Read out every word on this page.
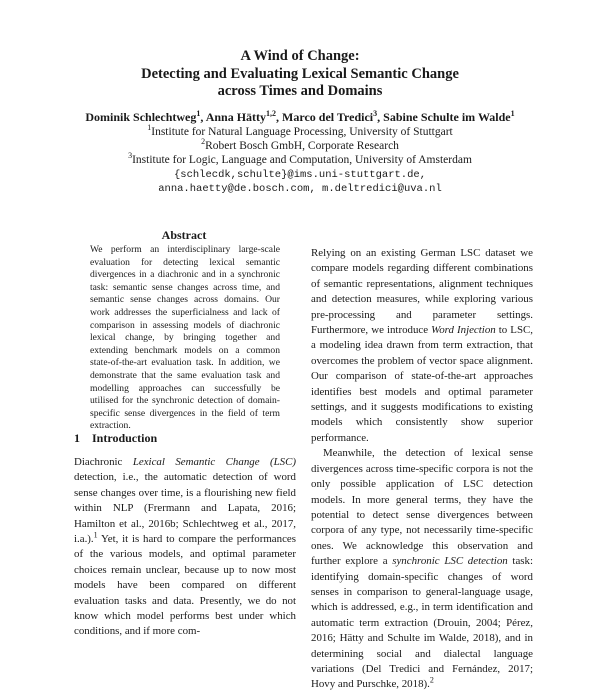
A Wind of Change:
Detecting and Evaluating Lexical Semantic Change
across Times and Domains
Dominik Schlechtweg$^1$, Anna Hätty$^{1,2}$, Marco del Tredici$^3$, Sabine Schulte im Walde$^1$
$^1$Institute for Natural Language Processing, University of Stuttgart
$^2$Robert Bosch GmbH, Corporate Research
$^3$Institute for Logic, Language and Computation, University of Amsterdam
{schlecdk,schulte}@ims.uni-stuttgart.de,
anna.haetty@de.bosch.com, m.deltredici@uva.nl
Abstract
We perform an interdisciplinary large-scale evaluation for detecting lexical semantic divergences in a diachronic and in a synchronic task: semantic sense changes across time, and semantic sense changes across domains. Our work addresses the superficialness and lack of comparison in assessing models of diachronic lexical change, by bringing together and extending benchmark models on a common state-of-the-art evaluation task. In addition, we demonstrate that the same evaluation task and modelling approaches can successfully be utilised for the synchronic detection of domain-specific sense divergences in the field of term extraction.
1 Introduction

Diachronic Lexical Semantic Change (LSC) detection, i.e., the automatic detection of word sense changes over time, is a flourishing new field within NLP (Frermann and Lapata, 2016; Hamilton et al., 2016b; Schlechtweg et al., 2017, i.a.).$^1$ Yet, it is hard to compare the performances of the various models, and optimal parameter choices remain unclear, because up to now most models have been compared on different evaluation tasks and data. Presently, we do not know which model performs best under which conditions, and if more com-

Relying on an existing German LSC dataset we compare models regarding different combinations of semantic representations, alignment techniques and detection measures, while exploring various pre-processing and parameter settings. Furthermore, we introduce Word Injection to LSC, a modeling idea drawn from term extraction, that overcomes the problem of vector space alignment. Our comparison of state-of-the-art approaches identifies best models and optimal parameter settings, and it suggests modifications to existing models which consistently show superior performance.

Meanwhile, the detection of lexical sense divergences across time-specific corpora is not the only possible application of LSC detection models. In more general terms, they have the potential to detect sense divergences between corpora of any type, not necessarily time-specific ones. We acknowledge this observation and further explore a synchronic LSC detection task: identifying domain-specific changes of word senses in comparison to general-language usage, which is addressed, e.g., in term identification and automatic term extraction (Drouin, 2004; Pérez, 2016; Hätty and Schulte im Walde, 2018), and in determining social and dialectal language variations (Del Tredici and Fernández, 2017; Hovy and Purschke, 2018).$^2$
